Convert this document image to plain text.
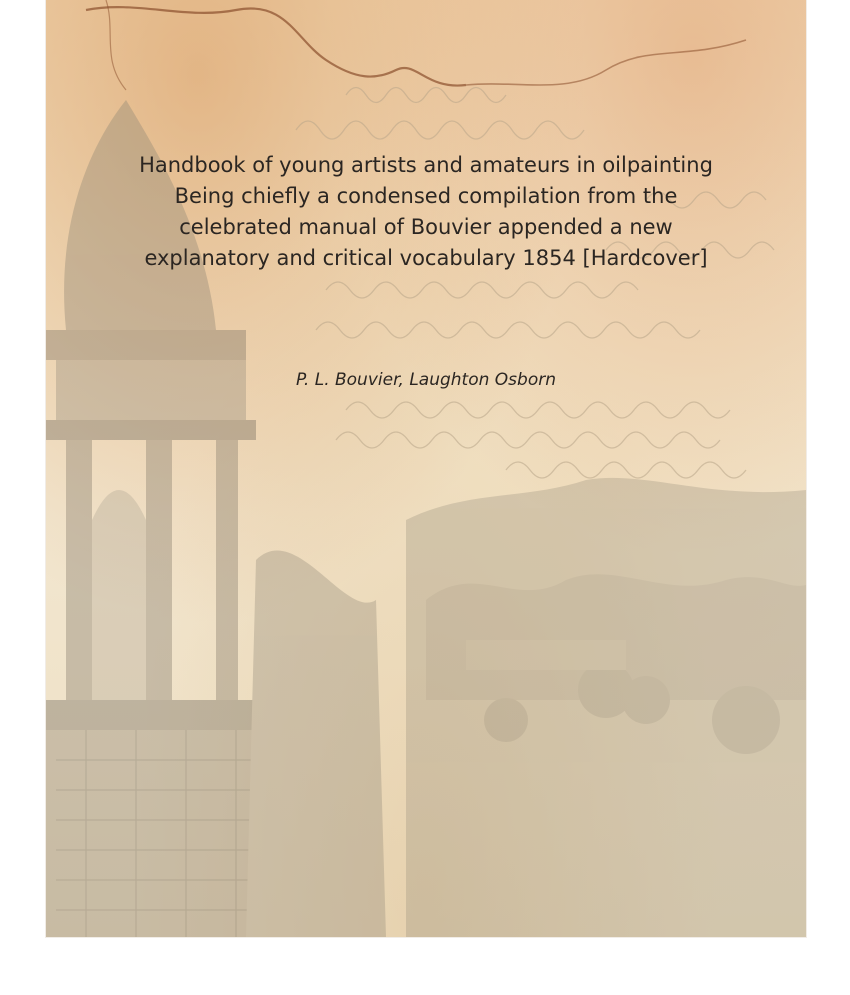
Handbook of young artists and amateurs in oilpainting
Being chiefly a condensed compilation from the
celebrated manual of Bouvier appended a new
explanatory and critical vocabulary 1854 [Hardcover]
P. L. Bouvier, Laughton Osborn
